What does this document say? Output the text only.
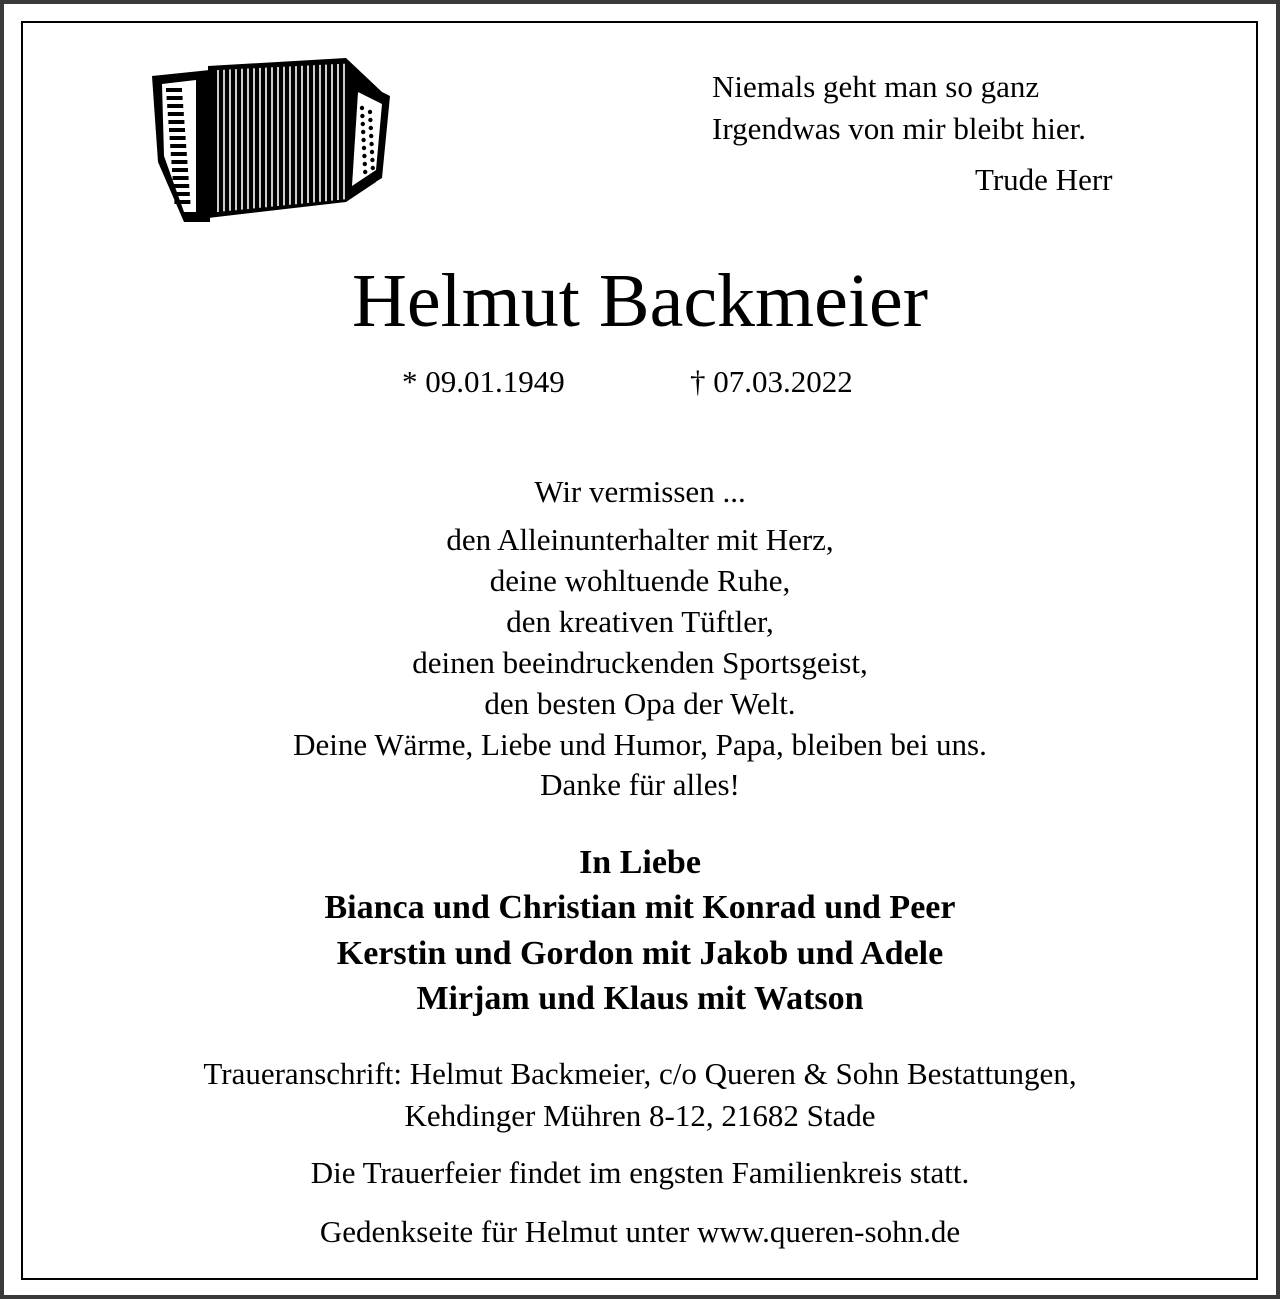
Niemals geht man so ganz
Irgendwas von mir bleibt hier.
Trude Herr
Helmut Backmeier
* 09.01.1949	† 07.03.2022
Wir vermissen ...
den Alleinunterhalter mit Herz,
deine wohltuende Ruhe,
den kreativen Tüftler,
deinen beeindruckenden Sportsgeist,
den besten Opa der Welt.
Deine Wärme, Liebe und Humor, Papa, bleiben bei uns.
Danke für alles!
In Liebe
Bianca und Christian mit Konrad und Peer
Kerstin und Gordon mit Jakob und Adele
Mirjam und Klaus mit Watson
Traueranschrift: Helmut Backmeier, c/o Queren & Sohn Bestattungen,
Kehdinger Mühren 8-12, 21682 Stade
Die Trauerfeier findet im engsten Familienkreis statt.
Gedenkseite für Helmut unter www.queren-sohn.de
